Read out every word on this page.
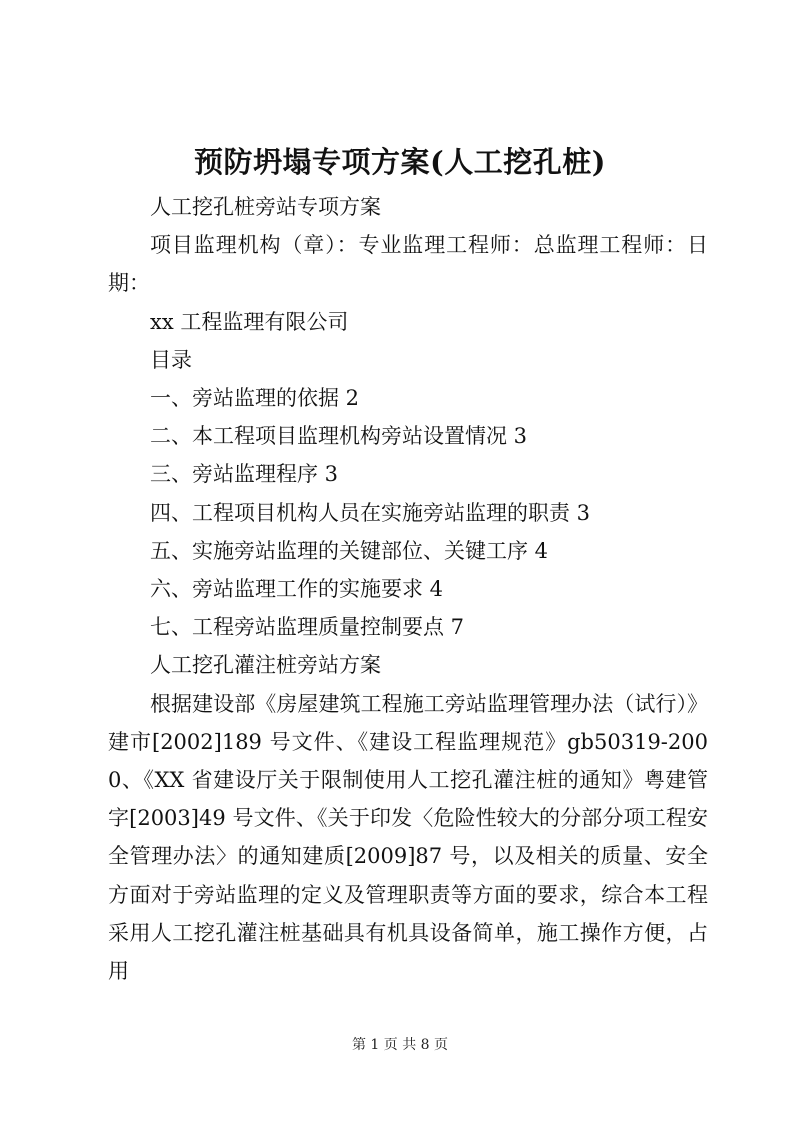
预防坍塌专项方案(人工挖孔桩)

人工挖孔桩旁站专项方案

项目监理机构（章）：专业监理工程师：总监理工程师：日期：

xx 工程监理有限公司

目录

一、旁站监理的依据 2

二、本工程项目监理机构旁站设置情况 3

三、旁站监理程序 3

四、工程项目机构人员在实施旁站监理的职责 3

五、实施旁站监理的关键部位、关键工序 4

六、旁站监理工作的实施要求 4

七、工程旁站监理质量控制要点 7

人工挖孔灌注桩旁站方案

根据建设部《房屋建筑工程施工旁站监理管理办法（试行）》建市[2002]189 号文件、《建设工程监理规范》gb50319-2000、《XX 省建设厅关于限制使用人工挖孔灌注桩的通知》粤建管字[2003]49 号文件、《关于印发〈危险性较大的分部分项工程安全管理办法〉的通知建质[2009]87 号，以及相关的质量、安全方面对于旁站监理的定义及管理职责等方面的要求，综合本工程采用人工挖孔灌注桩基础具有机具设备简单，施工操作方便，占用

第 1 页 共 8 页
